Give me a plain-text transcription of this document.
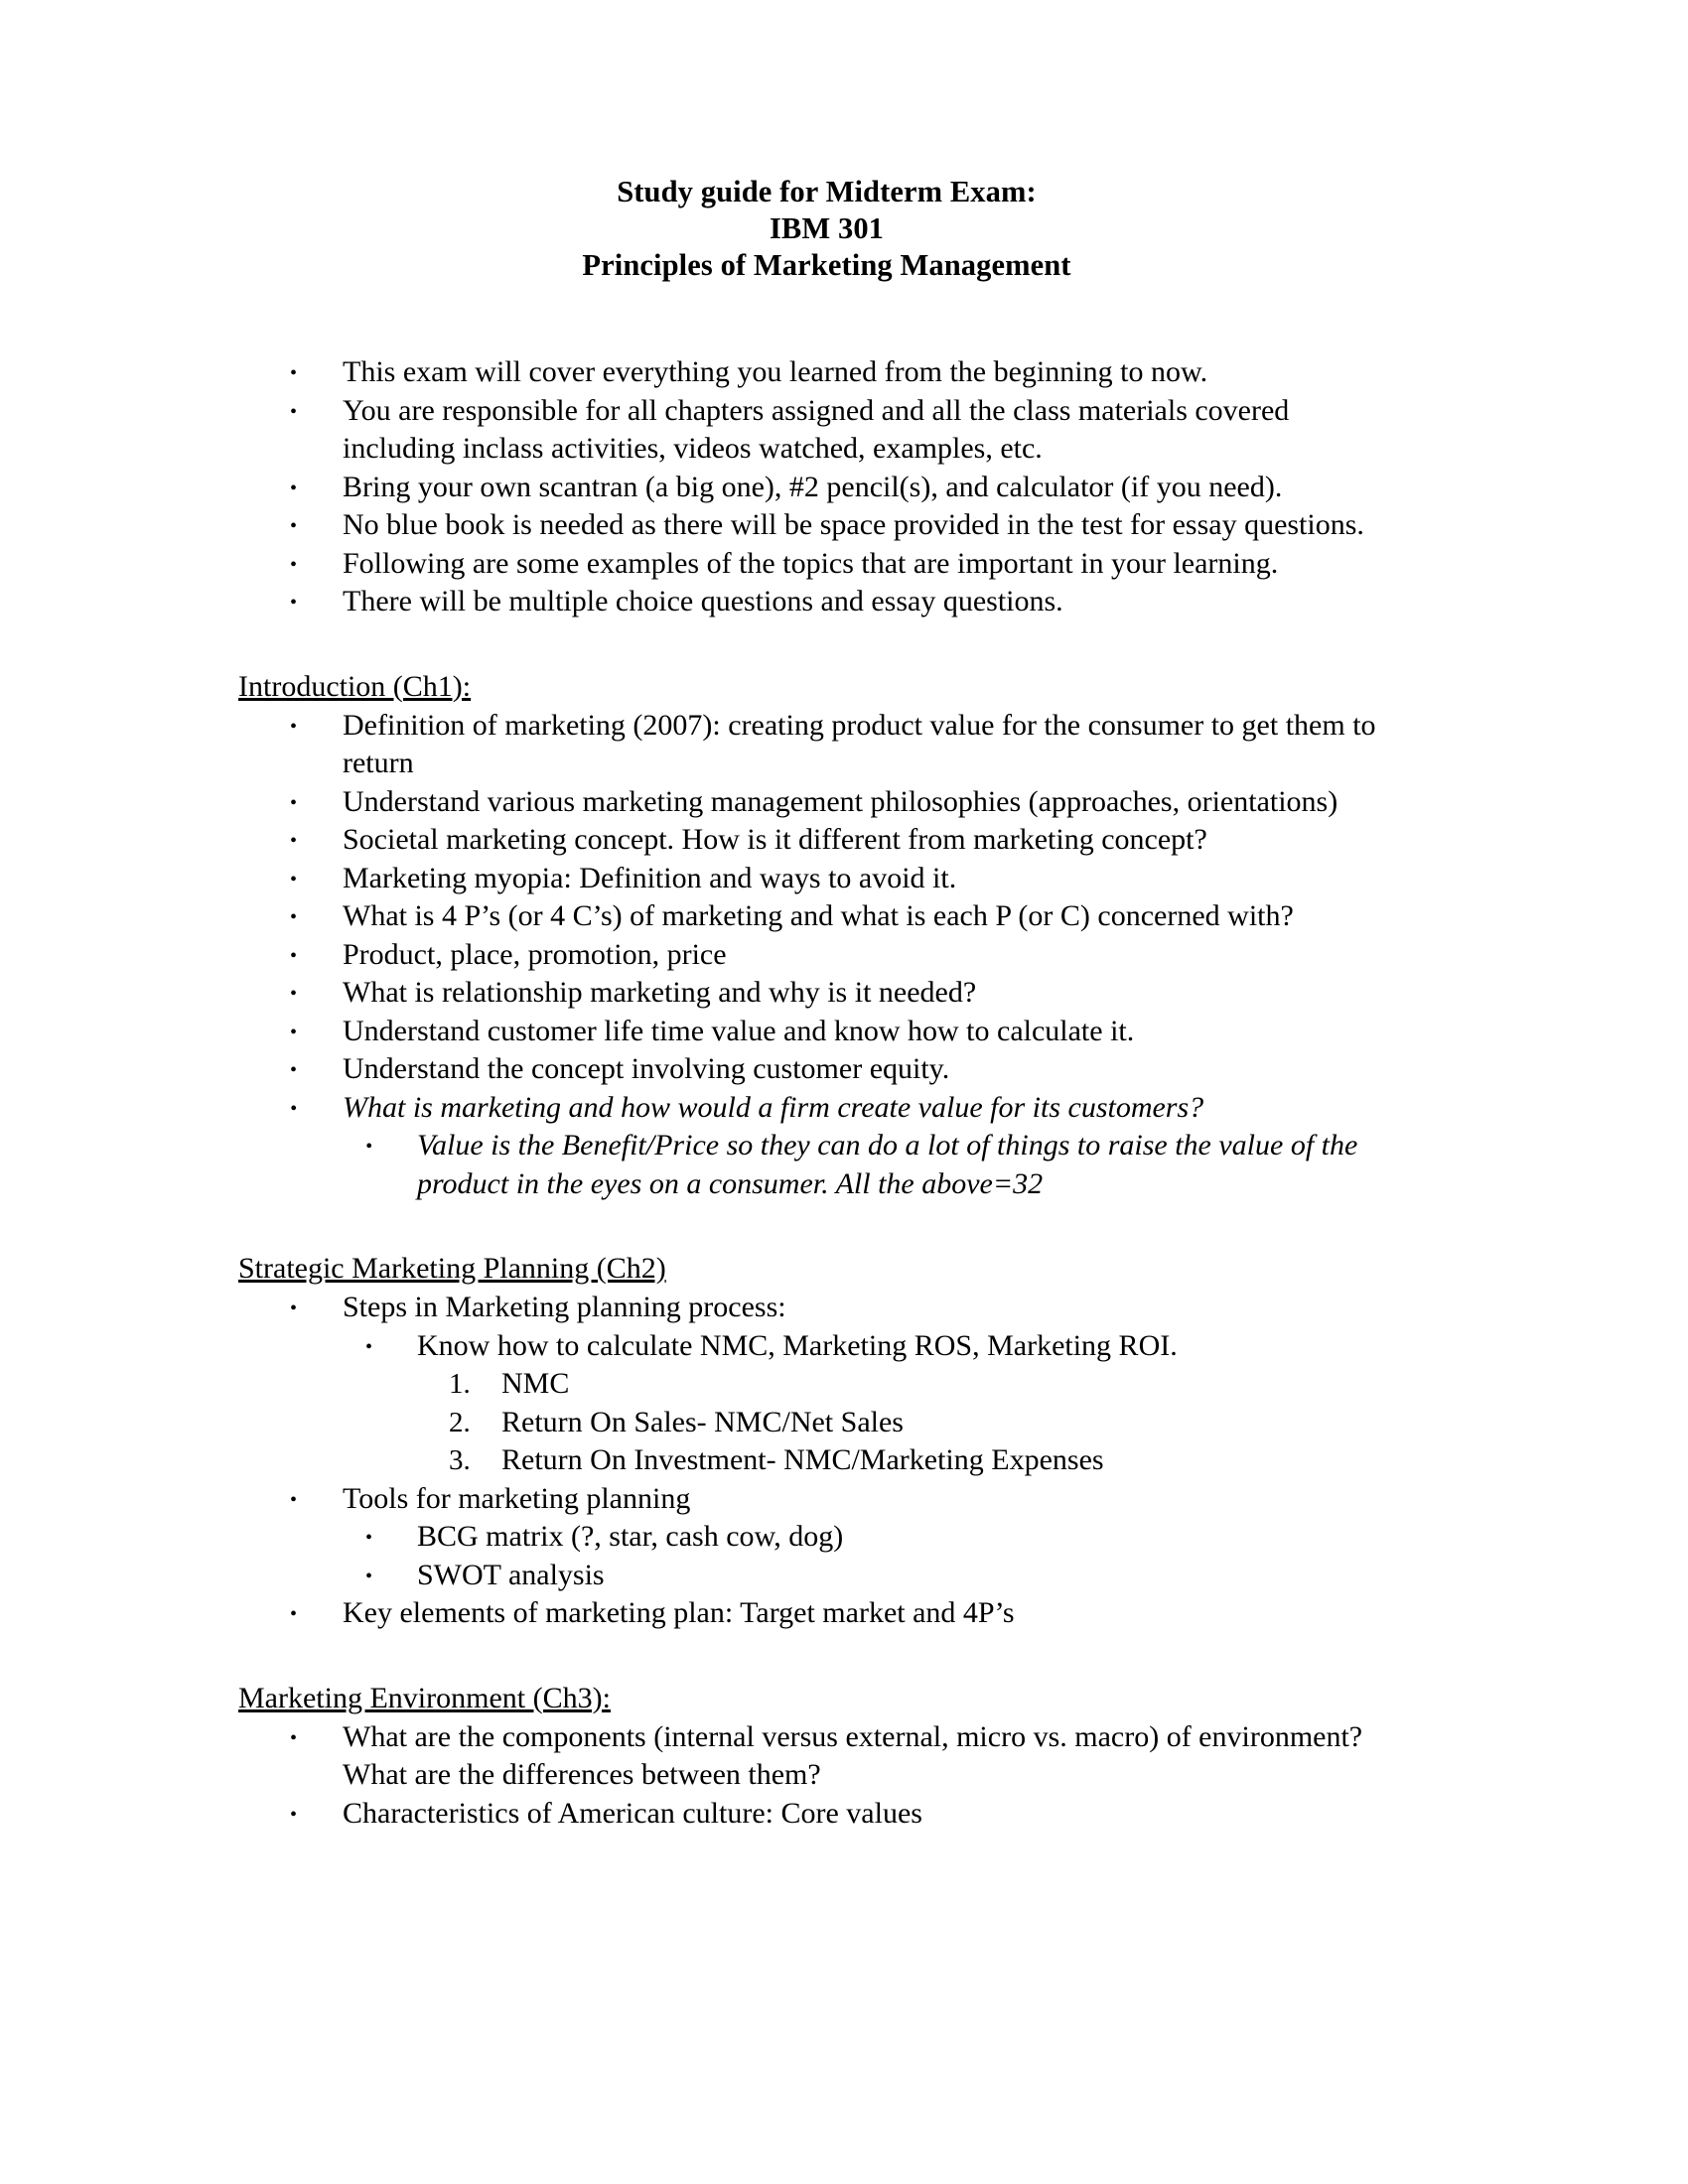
Study guide for Midterm Exam:
IBM 301
Principles of Marketing Management
•	This exam will cover everything you learned from the beginning to now.
•	You are responsible for all chapters assigned and all the class materials covered including inclass activities, videos watched, examples, etc.
•	Bring your own scantran (a big one), #2 pencil(s), and calculator (if you need).
•	No blue book is needed as there will be space provided in the test for essay questions.
•	Following are some examples of the topics that are important in your learning.
•	There will be multiple choice questions and essay questions.
Introduction (Ch1):
•	Definition of marketing (2007): creating product value for the consumer to get them to return
•	Understand various marketing management philosophies (approaches, orientations)
•	Societal marketing concept. How is it different from marketing concept?
•	Marketing myopia: Definition and ways to avoid it.
•	What is 4 P’s (or 4 C’s) of marketing and what is each P (or C) concerned with?
•	Product, place, promotion, price
•	What is relationship marketing and why is it needed?
•	Understand customer life time value and know how to calculate it.
•	Understand the concept involving customer equity.
•	What is marketing and how would a firm create value for its customers?
•	Value is the Benefit/Price so they can do a lot of things to raise the value of the product in the eyes on a consumer. All the above=32
Strategic Marketing Planning (Ch2)
•	Steps in Marketing planning process:
•	Know how to calculate NMC, Marketing ROS, Marketing ROI.
1.	NMC
2.	Return On Sales- NMC/Net Sales
3.	Return On Investment- NMC/Marketing Expenses
•	Tools for marketing planning
•	BCG matrix (?, star, cash cow, dog)
•	SWOT analysis
•	Key elements of marketing plan: Target market and 4P’s
Marketing Environment (Ch3):
•	What are the components (internal versus external, micro vs. macro) of environment? What are the differences between them?
•	Characteristics of American culture: Core values
